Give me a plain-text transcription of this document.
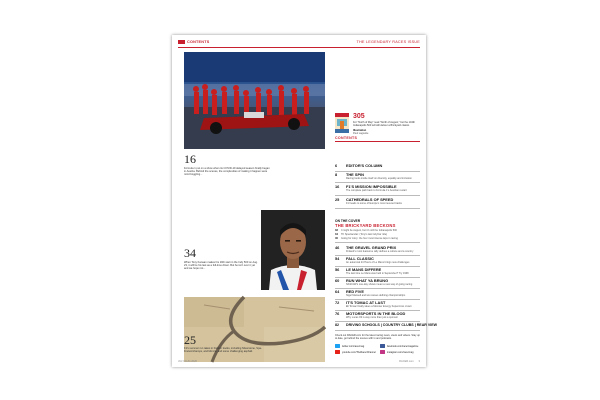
CONTENTS	THE LEGENDARY RACES ISSUE
16
Formula 1 put on a show when its COVID-19 delayed season finally began in Austria. Behind the scenes, the complexities of making it happen were mind boggling...
34
When Tony Kanaan makes his 19th start in the Indy 500 on Aug. 23, it will be his last as a full-time driver. But he isn't over it yet and we hope not...
25
F1's summer run takes in historic tracks, including Silverstone, Spa-Francorchamps, and Monza, and some challenging asphalt.
305
For "North of May" read "North of August," but the 104th Indianapolis 500 will still deliver a Brickyard classic.
Illustration
Paul Lagoutte
CONTENTS
6 EDITOR'S COLUMN
8 THE SPIN
Racing looks inside itself on diversity, equality and inclusion
16 F1'S MISSION IMPOSSIBLE
The complete path back to Formula 1's Austrian restart
25 CATHEDRALS OF SPEED
F1 heads to some of Europe's most revered tracks
ON THE COVER
THE BRICKYARD BECKONS
32 It might be August, but it's still the Indianapolis 500
34 TK Spectacular: (Tony's last IndyCar ride)
40 Going for Juicy: the four most intense laps in racing
46 THE GRAVEL GRAND PRIX
Finland's most fearsome rally defines a culture and a country
54 FALL CLASSIC
An autumnal 24 Hours of Le Mans brings new challenges
56 LE MANS DIFFERE
The last time Le Mans was held in September? Try 1968
60 RUN WHAT YA BRUNG
NASCAR's one-day shows mean a new way of going racing
64 RED FIVE
Nigel Mansell and two career-defining championships
72 IT'S TOMAC AT LAST
Eli Tomac finally takes a Monster Energy Supercross crown
76 MOTORSPORTS IN THE BLOOD
Why Lucas Oil is way more than just a sponsor
82 DRIVING SCHOOLS | COUNTRY CLUBS | REAR VIEW
Check out RACER.com for the latest racing news, views and videos. Stay up to date, go behind the scenes with tv and podcasts.
twitter.com/racermag	facebook.com/racermagazine
youtube.com/TheRacerChannel	instagram.com/racermag
JULY/AUG 2020	RACER.com 3
